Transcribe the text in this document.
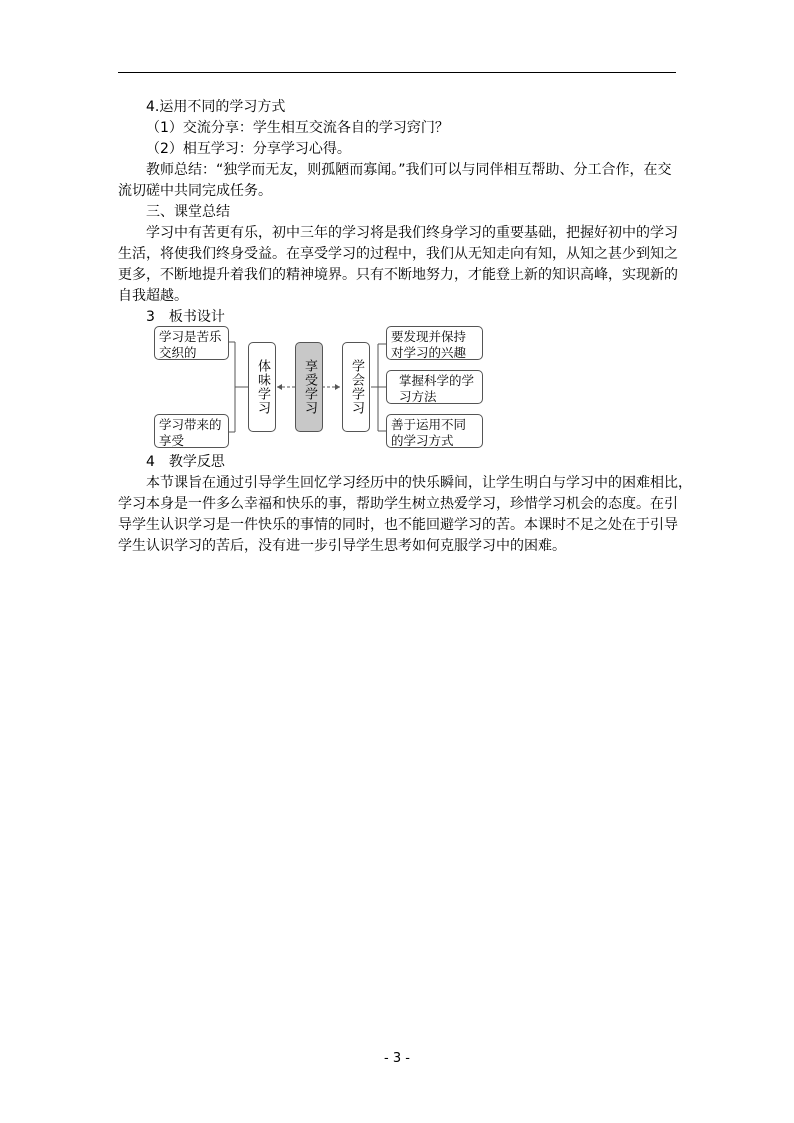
4.运用不同的学习方式
（1）交流分享：学生相互交流各自的学习窍门？
（2）相互学习：分享学习心得。
教师总结：“独学而无友，则孤陋而寡闻。”我们可以与同伴相互帮助、分工合作，在交
流切磋中共同完成任务。
三、课堂总结
学习中有苦更有乐，初中三年的学习将是我们终身学习的重要基础，把握好初中的学习
生活，将使我们终身受益。在享受学习的过程中，我们从无知走向有知，从知之甚少到知之
更多，不断地提升着我们的精神境界。只有不断地努力，才能登上新的知识高峰，实现新的
自我超越。
3　板书设计
学习是苦乐交织的
学习带来的享受
体味学习	享受学习	学会学习
要发现并保持对学习的兴趣
掌握科学的学习方法
善于运用不同的学习方式
4　教学反思
本节课旨在通过引导学生回忆学习经历中的快乐瞬间，让学生明白与学习中的困难相比，
学习本身是一件多么幸福和快乐的事，帮助学生树立热爱学习，珍惜学习机会的态度。在引
导学生认识学习是一件快乐的事情的同时，也不能回避学习的苦。本课时不足之处在于引导
学生认识学习的苦后，没有进一步引导学生思考如何克服学习中的困难。
- 3 -
